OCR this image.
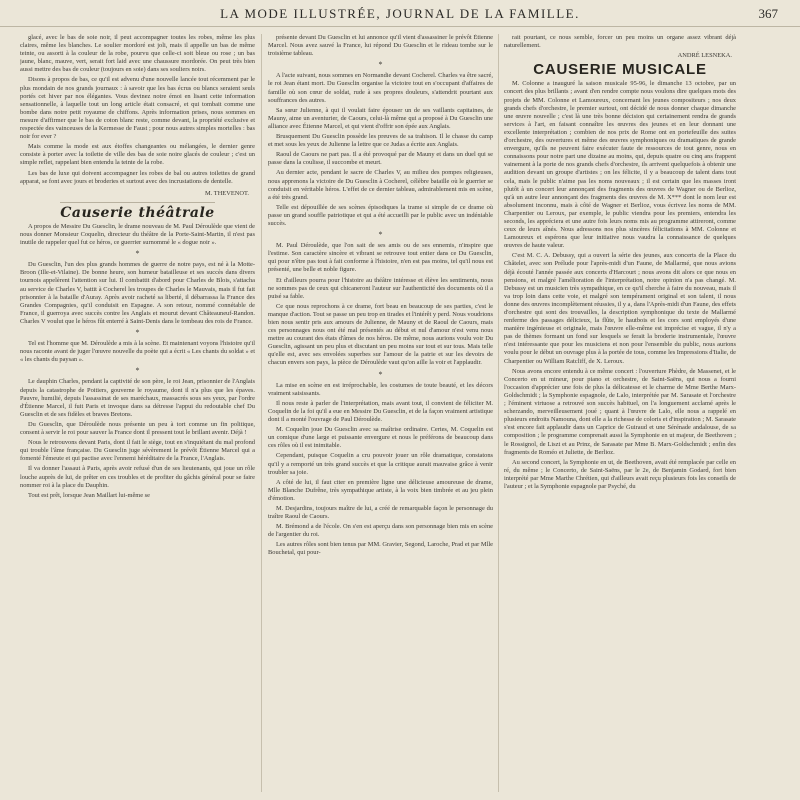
LA MODE ILLUSTRÉE, JOURNAL DE LA FAMILLE.	367

glacé, avec le bas de soie noir, il peut accompagner toutes les robes, même les plus claires, même les blanches. Le soulier mordoré est joli, mais il appelle un bas de même teinte, ou assorti à la couleur de la robe, pourvu que celle-ci soit bleue ou rose ; un bas jaune, blanc, mauve, vert, serait fort laid avec une chaussure mordorée. On peut très bien aussi mettre des bas de couleur (toujours en soie) dans ses souliers noirs.

Disons à propos de bas, ce qu'il est advenu d'une nouvelle lancée tout récemment par le plus mondain de nos grands journaux : à savoir que les bas écrus ou blancs seraient seuls portés cet hiver par nos élégantes. Vous devinez notre émoi en lisant cette information sensationnelle, à laquelle tout un long article était consacré, et qui tombait comme une bombe dans notre petit royaume de chiffons. Après information prises, nous sommes en mesure d'affirmer que le bas de coton blanc reste, comme devant, la propriété exclusive et respectée des vainceuses de la Kermesse de Faust ; pour nous autres simples mortelles : bas noir for ever ?

Mais comme la mode est aux étoffes changeantes ou mélangées, le dernier genre consiste à porter avec la toilette de ville des bas de soie noire glacés de couleur ; c'est un simple reflet, rappelant bien entendu la teinte de la robe.

Les bas de luxe qui doivent accompagner les robes de bal ou autres toilettes de grand apparat, se font avec jours et broderies et surtout avec des incrustations de dentelle.

M. THEVENOT.

Causerie théâtrale

A propos de Messire Du Guesclin, le drame nouveau de M. Paul Déroulède que vient de nous donner Monsieur Coquelin, directeur du théâtre de la Porte-Saint-Martin, il n'est pas inutile de rappeler quel fut ce héros, ce guerrier surnommé le « dogue noir ».

*

Du Guesclin, l'un des plus grands hommes de guerre de notre pays, est né à la Motte-Broon (Ille-et-Vilaine). De bonne heure, son humeur batailleuse et ses succès dans divers tournois appelèrent l'attention sur lui. Il combattit d'abord pour Charles de Blois, s'attacha au service de Charles V, battit à Cocherel les troupes de Charles le Mauvais, mais il fut fait prisonnier à la bataille d'Auray. Après avoir racheté sa liberté, il débarrassa la France des Grandes Compagnies, qu'il conduisit en Espagne. A son retour, nommé connétable de France, il guerroya avec succès contre les Anglais et mourut devant Châteauneuf-Randon. Charles V voulut que le héros fût enterré à Saint-Denis dans le tombeau des rois de France.

*

Tel est l'homme que M. Déroulède a mis à la scène. Et maintenant voyons l'histoire qu'il nous raconte avant de juger l'œuvre nouvelle du poète qui a écrit « Les chants du soldat » et « les chants du paysan ».

*

Le dauphin Charles, pendant la captivité de son père, le roi Jean, prisonnier de l'Anglais depuis la catastrophe de Poitiers, gouverne le royaume, dont il n'a plus que les épaves. Pauvre, humilié, depuis l'assassinat de ses maréchaux, massacrés sous ses yeux, par l'ordre d'Étienne Marcel, il fuit Paris et invoque dans sa détresse l'appui du redoutable chef Du Guesclin et de ses fidèles et braves Bretons.

Du Guesclin, que Déroulède nous présente un peu à tort comme un fin politique, consent à servir le roi pour sauver la France dont il pressent tout le brillant avenir. Déjà !

Nous le retrouvons devant Paris, dont il fait le siège, tout en s'inquiétant du mal profond qui trouble l'âme française. Du Guesclin juge sévèrement le prévôt Étienne Marcel qui a fomenté l'émeute et qui pactise avec l'ennemi héréditaire de la France, l'Anglais.

Il va donner l'assaut à Paris, après avoir refusé d'un de ses lieutenants, qui joue un rôle louche auprès de lui, de prêter en ces troubles et de profiter du gâchis général pour se faire nommer roi à la place du Dauphin.

Tout est prêt, lorsque Jean Maillart lui-même se

présente devant Du Guesclin et lui annonce qu'il vient d'assassiner le prévôt Étienne Marcel. Nous avez sauvé la France, lui répond Du Guesclin et le rideau tombe sur le troisième tableau.

*

A l'acte suivant, nous sommes en Normandie devant Cocherel. Charles va être sacré, le roi Jean étant mort. Du Guesclin organise la victoire tout en s'occupant d'affaires de famille où son cœur de soldat, rude à ses propres douleurs, s'attendrit pourtant aux souffrances des autres.

Sa sœur Julienne, à qui il voulait faire épouser un de ses vaillants capitaines, de Mauny, aime un aventurier, de Caours, celui-là même qui a proposé à Du Guesclin une alliance avec Étienne Marcel, et qui vient d'offrir son épée aux Anglais.

Brusquement Du Guesclin possède les preuves de sa trahison. Il le chasse du camp et met sous les yeux de Julienne la lettre que ce Judas a écrite aux Anglais.

Raoul de Caours ne part pas. Il a été provoqué par de Mauny et dans un duel qui se passe dans la coulisse, il succombe et meurt.

Au dernier acte, pendant le sacre de Charles V, au milieu des pompes religieuses, nous apprenons la victoire de Du Guesclin à Cocherel, célèbre bataille où le guerrier se conduisit en véritable héros. L'effet de ce dernier tableau, admirablement mis en scène, a été très grand.

Telle est dépouillée de ses scènes épisodiques la trame si simple de ce drame où passe un grand souffle patriotique et qui a été accueilli par le public avec un indéniable succès.

*

M. Paul Déroulède, que l'on sait de ses amis ou de ses ennemis, n'inspire que l'estime. Son caractère sincère et vibrant se retrouve tout entier dans ce Du Guesclin, qui pour n'être pas tout à fait conforme à l'histoire, n'en est pas moins, tel qu'il nous est présenté, une belle et noble figure.

Et d'ailleurs pourra pour l'histoire au théâtre intéresse et élève les sentiments, nous ne sommes pas de ceux qui chicaneront l'auteur sur l'authenticité des documents où il a puisé sa fable.

Ce que nous reprochons à ce drame, fort beau en beaucoup de ses parties, c'est le manque d'action. Tout se passe un peu trop en tirades et l'intérêt y perd. Nous voudrions bien nous sentir pris aux amours de Julienne, de Mauny et de Raoul de Caours, mais ces personnages nous ont été mal présentés au début et nul d'amour n'est venu nous mettre au courant des états d'âmes de nos héros. De même, nous aurions voulu voir Du Guesclin, agissant un peu plus et discutant un peu moins sur tout et sur tous. Mais telle qu'elle est, avec ses envolées superbes sur l'amour de la patrie et sur les devoirs de chacun envers son pays, la pièce de Déroulède vaut qu'on aille la voir et l'applaudir.

*

La mise en scène en est irréprochable, les costumes de toute beauté, et les décors vraiment saisissants.

Il nous reste à parler de l'interprétation, mais avant tout, il convient de féliciter M. Coquelin de la foi qu'il a eue en Messire Du Guesclin, et de la façon vraiment artistique dont il a monté l'ouvrage de Paul Déroulède.

M. Coquelin joue Du Guesclin avec sa maîtrise ordinaire. Certes, M. Coquelin est un comique d'une large et puissante envergure et nous le préférons de beaucoup dans ces rôles où il est inimitable.

Cependant, puisque Coquelin a cru pouvoir jouer un rôle dramatique, constatons qu'il y a remporté un très grand succès et que la critique aurait mauvaise grâce à venir troubler sa joie.

A côté de lui, il faut citer en première ligne une délicieuse amoureuse de drame, Mlle Blanche Dufrêne, très sympathique artiste, à la voix bien timbrée et au jeu plein d'émotion.

M. Desjardins, toujours maître de lui, a créé de remarquable façon le personnage du traître Raoul de Caours.

M. Brémond a de l'école. On s'en est aperçu dans son personnage bien mis en scène de l'argentier du roi.

Les autres rôles sont bien tenus par MM. Gravier, Segond, Laroche, Prad et par Mlle Bouchetal, qui pour-

rait pourtant, ce nous semble, forcer un peu moins un organe assez vibrant déjà naturellement.

ANDRÉ LESNEKA.
CAUSERIE MUSICALE

M. Colonne a inauguré la saison musicale 95-96, le dimanche 13 octobre, par un concert des plus brillants ; avant d'en rendre compte nous voulons dire quelques mots des projets de MM. Colonne et Lamoureux, concernant les jeunes compositeurs ; nos deux grands chefs d'orchestre, le premier surtout, ont décidé de nous donner chaque dimanche une œuvre nouvelle ; c'est là une très bonne décision qui certainement rendra de grands services à l'art, en faisant connaître les œuvres des jeunes et en leur donnant une excellente interprétation ; combien de nos prix de Rome ont en portefeuille des suites d'orchestre, des ouvertures et même des œuvres symphoniques ou dramatiques de grande envergure, qu'ils ne peuvent faire exécuter faute de ressources de tout genre, nous en connaissons pour notre part une dizaine au moins, qui, depuis quatre ou cinq ans frappent vainement à la porte de nos grands chefs d'orchestre, ils arrivent quelquefois à obtenir une audition devant un groupe d'artistes ; on les félicite, il y a beaucoup de talent dans tout cela, mais le public n'aime pas les noms nouveaux ; il est certain que les masses iront plutôt à un concert leur annonçant des fragments des œuvres de Wagner ou de Berlioz, qu'à un autre leur annonçant des fragments des œuvres de M. X*** dont le nom leur est absolument inconnu, mais à côté de Wagner et Berlioz, vous écrivez les noms de MM. Charpentier ou Leroux, par exemple, le public viendra pour les premiers, entendra les seconds, les appréciera et une autre fois leurs noms mis au programme attireront, comme ceux de leurs aînés. Nous adressons nos plus sincères félicitations à MM. Colonne et Lamoureux et espérons que leur initiative nous vaudra la connaissance de quelques œuvres de haute valeur.

C'est M. C. A. Debussy, qui a ouvert la série des jeunes, aux concerts de la Place du Châtelet, avec son Prélude pour l'après-midi d'un Faune, de Mallarmé, que nous avions déjà écouté l'année passée aux concerts d'Harcourt ; nous avons dit alors ce que nous en pensions, et malgré l'amélioration de l'interprétation, notre opinion n'a pas changé. M. Debussy est un musicien très sympathique, en ce qu'il cherche à faire du nouveau, mais il va trop loin dans cette voie, et malgré son tempérament original et son talent, il nous donne des œuvres incomplètement réussies, il y a, dans l'Après-midi d'un Faune, des effets d'orchestre qui sont des trouvailles, la description symphonique du texte de Mallarmé renferme des passages délicieux, la flûte, le hautbois et les cors sont employés d'une manière ingénieuse et originale, mais l'œuvre elle-même est imprécise et vague, il n'y a pas de thèmes formant un fond sur lesquels se ferait la broderie instrumentale, l'œuvre n'est intéressante que pour les musiciens et non pour l'ensemble du public, nous aurions voulu pour le début un ouvrage plus à la portée de tous, comme les Impressions d'Italie, de Charpentier ou William Ratcliff, de X. Leroux.

Nous avons encore entendu à ce même concert : l'ouverture Phèdre, de Massenet, et le Concerto en ut mineur, pour piano et orchestre, de Saint-Saëns, qui nous a fourni l'occasion d'apprécier une fois de plus la délicatesse et le charme de Mme Berthe Marx-Goldschmidt ; la Symphonie espagnole, de Lalo, interprétée par M. Sarasate et l'orchestre ; l'éminent virtuose a retrouvé son succès habituel, on l'a longuement acclamé après le scherzando, merveilleusement joué ; quant à l'œuvre de Lalo, elle nous a rappelé en plusieurs endroits Namouna, dont elle a la richesse de coloris et d'inspiration ; M. Sarasate s'est encore fait applaudir dans un Caprice de Guiraud et une Sérénade andalouse, de sa composition ; le programme comprenait aussi la Symphonie en ut majeur, de Beethoven ; le Rossignol, de Liszt et au Prinz, de Sarasate par Mme B. Marx-Goldschmidt ; enfin des fragments de Roméo et Juliette, de Berlioz.

Au second concert, la Symphonie en ut, de Beethoven, avait été remplacée par celle en ré, du même ; le Concerto, de Saint-Saëns, par le 2e, de Benjamin Godard, fort bien interprété par Mme Marthe Chrétien, qui d'ailleurs avait reçu plusieurs fois les conseils de l'auteur ; et la Symphonie espagnole par Psyché, du
